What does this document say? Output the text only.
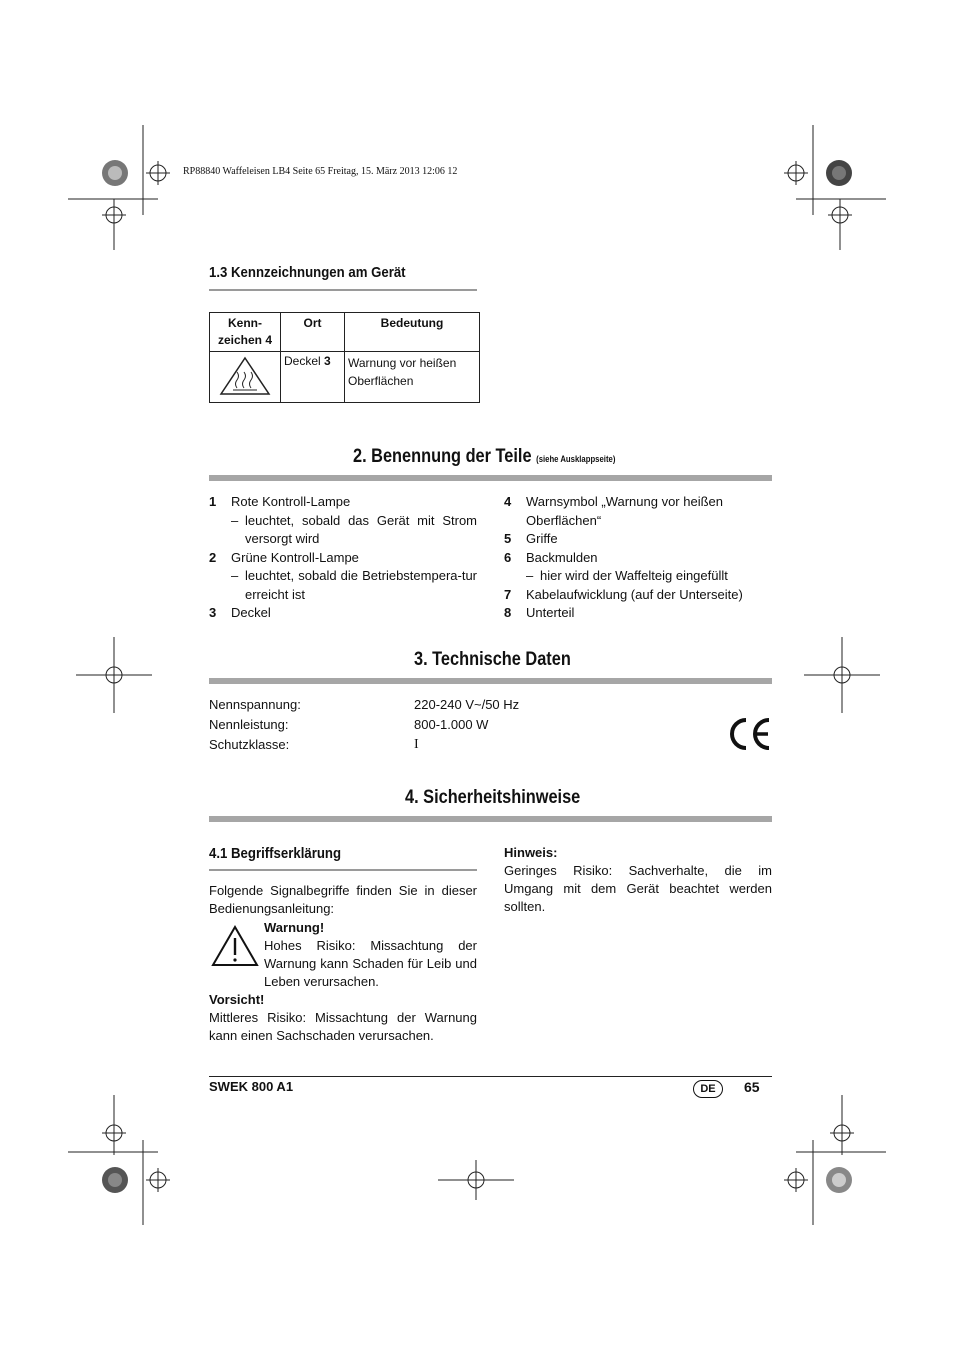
RP88840 Waffeleisen LB4 Seite 65 Freitag, 15. März 2013 12:06 12
1.3 Kennzeichnungen am Gerät
Kenn-
zeichen 4	Ort	Bedeutung
	Deckel 3	Warnung vor heißen
Oberflächen
2. Benennung der Teile (siehe Ausklappseite)
1	Rote Kontroll-Lampe
– leuchtet, sobald das Gerät mit Strom versorgt wird
2	Grüne Kontroll-Lampe
– leuchtet, sobald die Betriebstempera-tur erreicht ist
3	Deckel
4	Warnsymbol „Warnung vor heißen Oberflächen“
5	Griffe
6	Backmulden
– hier wird der Waffelteig eingefüllt
7	Kabelaufwicklung (auf der Unterseite)
8	Unterteil
3. Technische Daten
Nennspannung:	220-240 V~/50 Hz
Nennleistung:	800-1.000 W
Schutzklasse:	I
4. Sicherheitshinweise
4.1 Begriffserklärung
Folgende Signalbegriffe finden Sie in dieser Bedienungsanleitung:
Warnung!
Hohes Risiko: Missachtung der Warnung kann Schaden für Leib und Leben verursachen.
Vorsicht!
Mittleres Risiko: Missachtung der Warnung kann einen Sachschaden verursachen.
Hinweis:
Geringes Risiko: Sachverhalte, die im Umgang mit dem Gerät beachtet werden sollten.
SWEK 800 A1	DE	65
